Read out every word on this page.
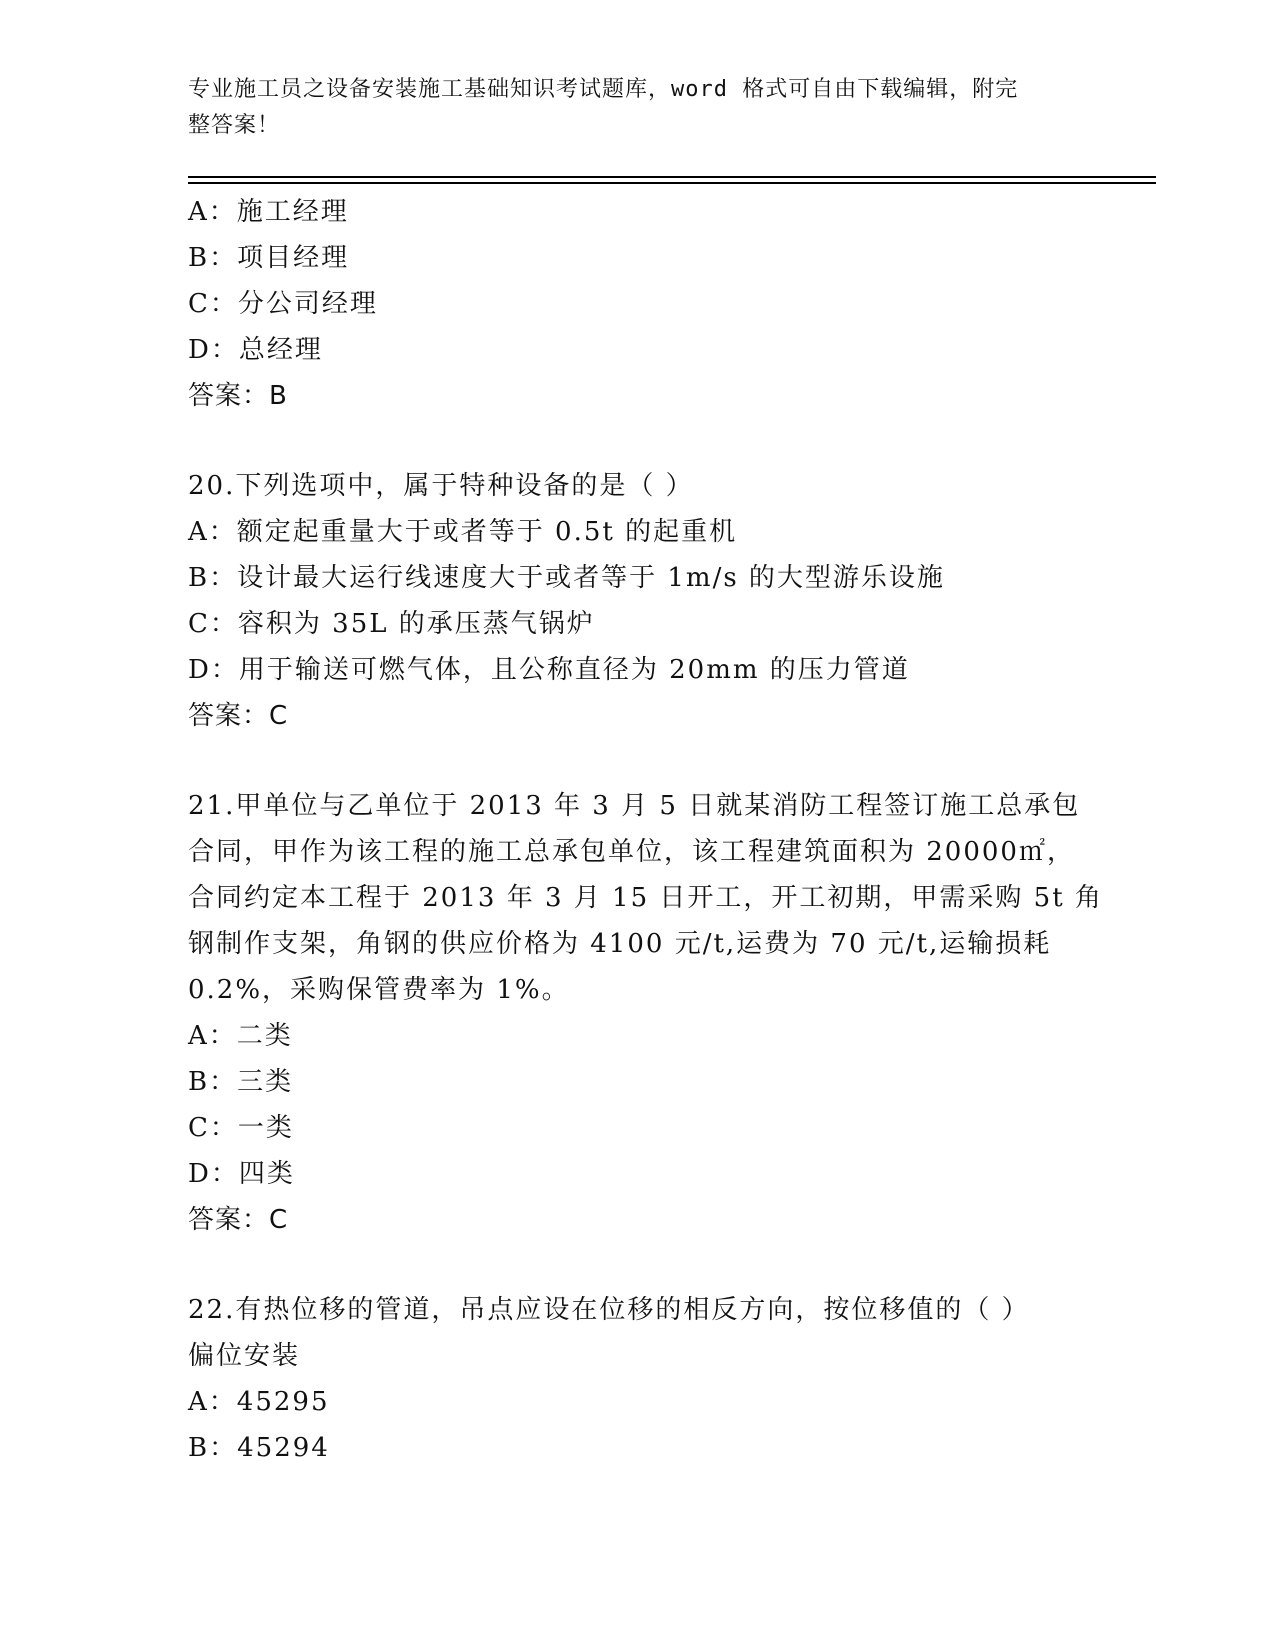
专业施工员之设备安装施工基础知识考试题库，word 格式可自由下载编辑，附完
整答案！
A：施工经理
B：项目经理
C：分公司经理
D：总经理
答案：B
20.下列选项中，属于特种设备的是（ ）
A：额定起重量大于或者等于 0.5t 的起重机
B：设计最大运行线速度大于或者等于 1m/s 的大型游乐设施
C：容积为 35L 的承压蒸气锅炉
D：用于输送可燃气体，且公称直径为 20mm 的压力管道
答案：C
21.甲单位与乙单位于 2013 年 3 月 5 日就某消防工程签订施工总承包
合同，甲作为该工程的施工总承包单位，该工程建筑面积为 20000㎡，
合同约定本工程于 2013 年 3 月 15 日开工，开工初期，甲需采购 5t 角
钢制作支架，角钢的供应价格为 4100 元/t,运费为 70 元/t,运输损耗
0.2%，采购保管费率为 1%。
A：二类
B：三类
C：一类
D：四类
答案：C
22.有热位移的管道，吊点应设在位移的相反方向，按位移值的（ ）
偏位安装
A：45295
B：45294
